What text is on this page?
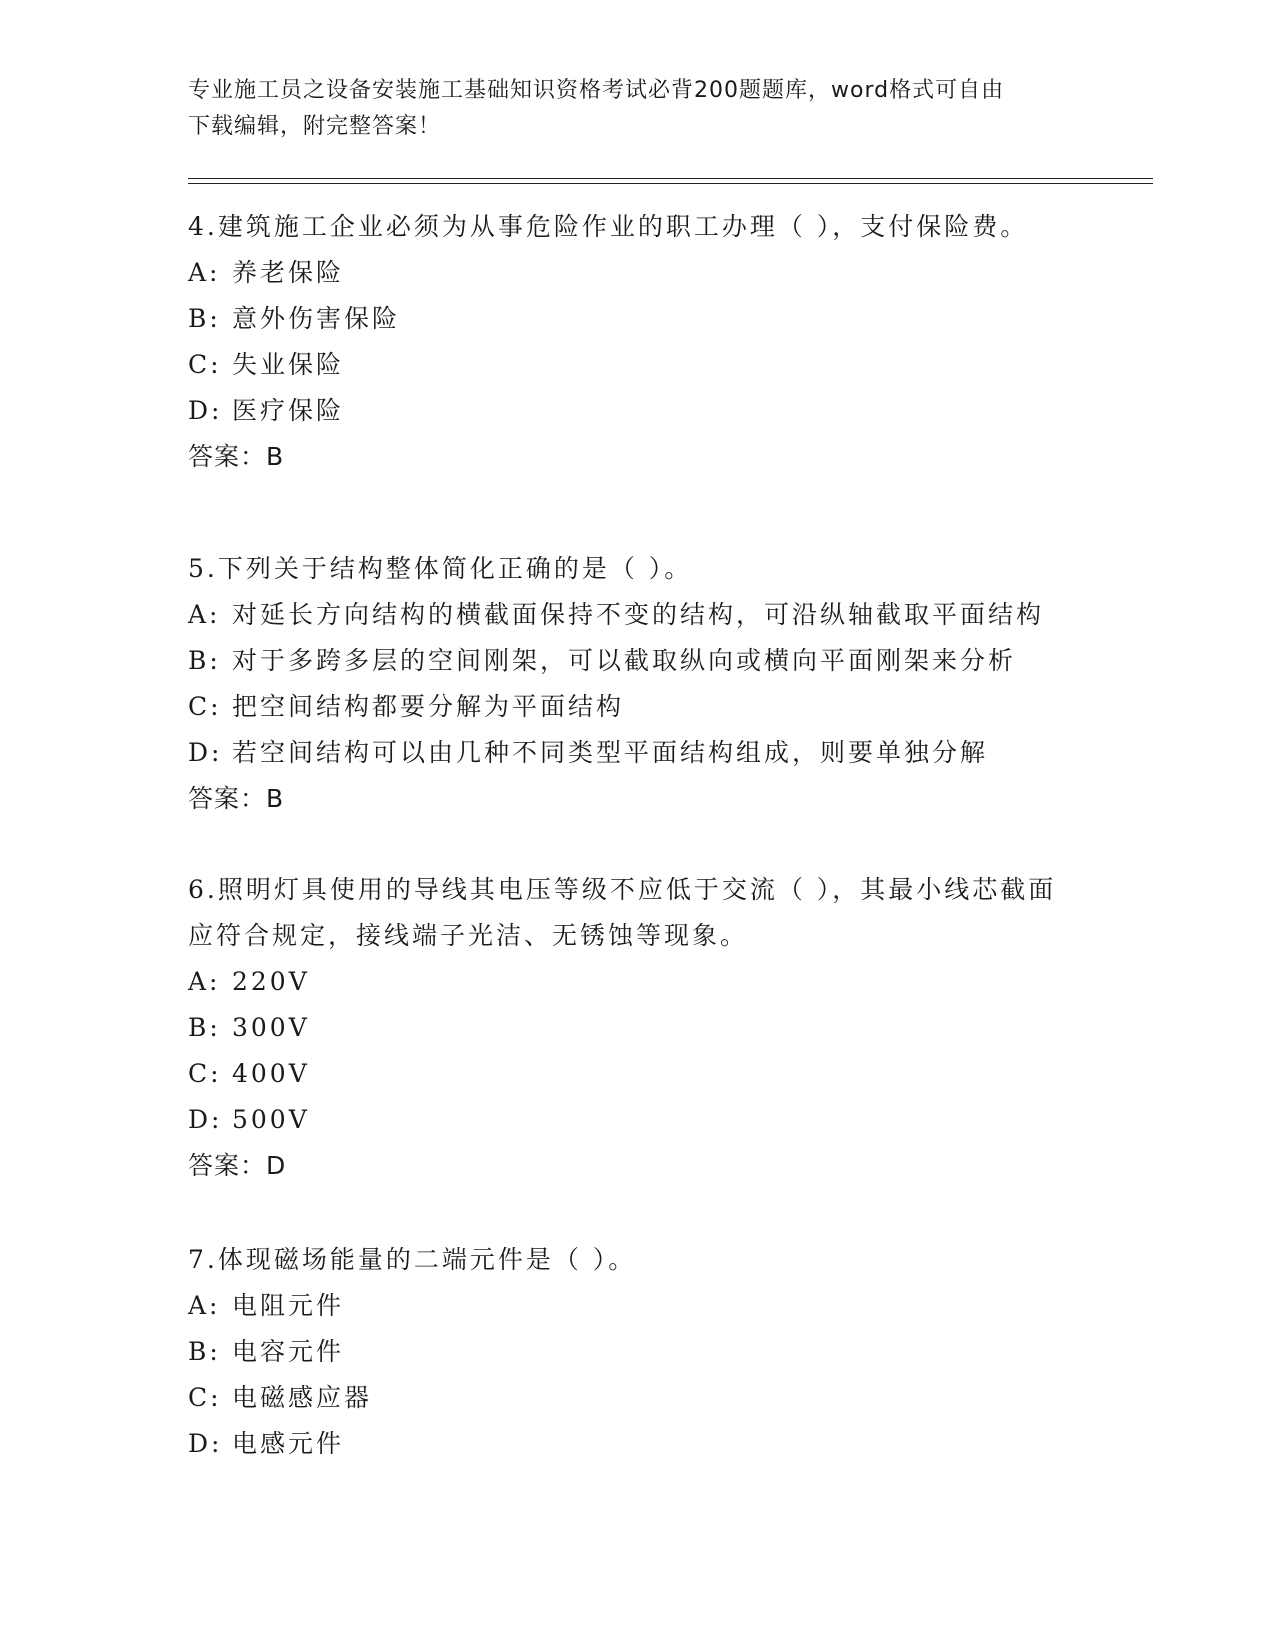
专业施工员之设备安装施工基础知识资格考试必背200题题库，word格式可自由
下载编辑，附完整答案！
4.建筑施工企业必须为从事危险作业的职工办理（ ），支付保险费。
A: 养老保险
B: 意外伤害保险
C: 失业保险
D: 医疗保险
答案：B
5.下列关于结构整体简化正确的是（ ）。
A: 对延长方向结构的横截面保持不变的结构，可沿纵轴截取平面结构
B: 对于多跨多层的空间刚架，可以截取纵向或横向平面刚架来分析
C: 把空间结构都要分解为平面结构
D: 若空间结构可以由几种不同类型平面结构组成，则要单独分解
答案：B
6.照明灯具使用的导线其电压等级不应低于交流（ ），其最小线芯截面应符合规定，接线端子光洁、无锈蚀等现象。
A: 220V
B: 300V
C: 400V
D: 500V
答案：D
7.体现磁场能量的二端元件是（ ）。
A: 电阻元件
B: 电容元件
C: 电磁感应器
D: 电感元件
